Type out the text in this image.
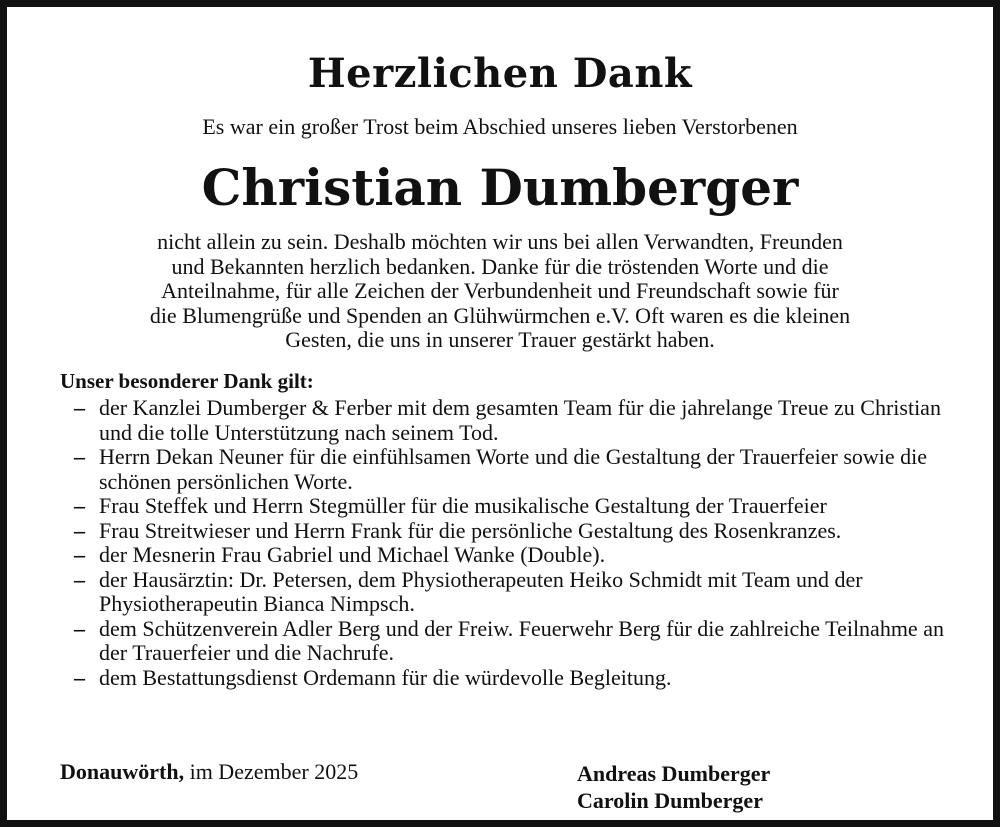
Herzlichen Dank
Es war ein großer Trost beim Abschied unseres lieben Verstorbenen
Christian Dumberger
nicht allein zu sein. Deshalb möchten wir uns bei allen Verwandten, Freunden
und Bekannten herzlich bedanken. Danke für die tröstenden Worte und die
Anteilnahme, für alle Zeichen der Verbundenheit und Freundschaft sowie für
die Blumengrüße und Spenden an Glühwürmchen e.V. Oft waren es die kleinen
Gesten, die uns in unserer Trauer gestärkt haben.
Unser besonderer Dank gilt:
– der Kanzlei Dumberger & Ferber mit dem gesamten Team für die jahrelange Treue zu Christian und die tolle Unterstützung nach seinem Tod.
– Herrn Dekan Neuner für die einfühlsamen Worte und die Gestaltung der Trauerfeier sowie die schönen persönlichen Worte.
– Frau Steffek und Herrn Stegmüller für die musikalische Gestaltung der Trauerfeier
– Frau Streitwieser und Herrn Frank für die persönliche Gestaltung des Rosenkranzes.
– der Mesnerin Frau Gabriel und Michael Wanke (Double).
– der Hausärztin: Dr. Petersen, dem Physiotherapeuten Heiko Schmidt mit Team und der Physiotherapeutin Bianca Nimpsch.
– dem Schützenverein Adler Berg und der Freiw. Feuerwehr Berg für die zahlreiche Teilnahme an der Trauerfeier und die Nachrufe.
– dem Bestattungsdienst Ordemann für die würdevolle Begleitung.
Donauwörth, im Dezember 2025	Andreas Dumberger
Carolin Dumberger
